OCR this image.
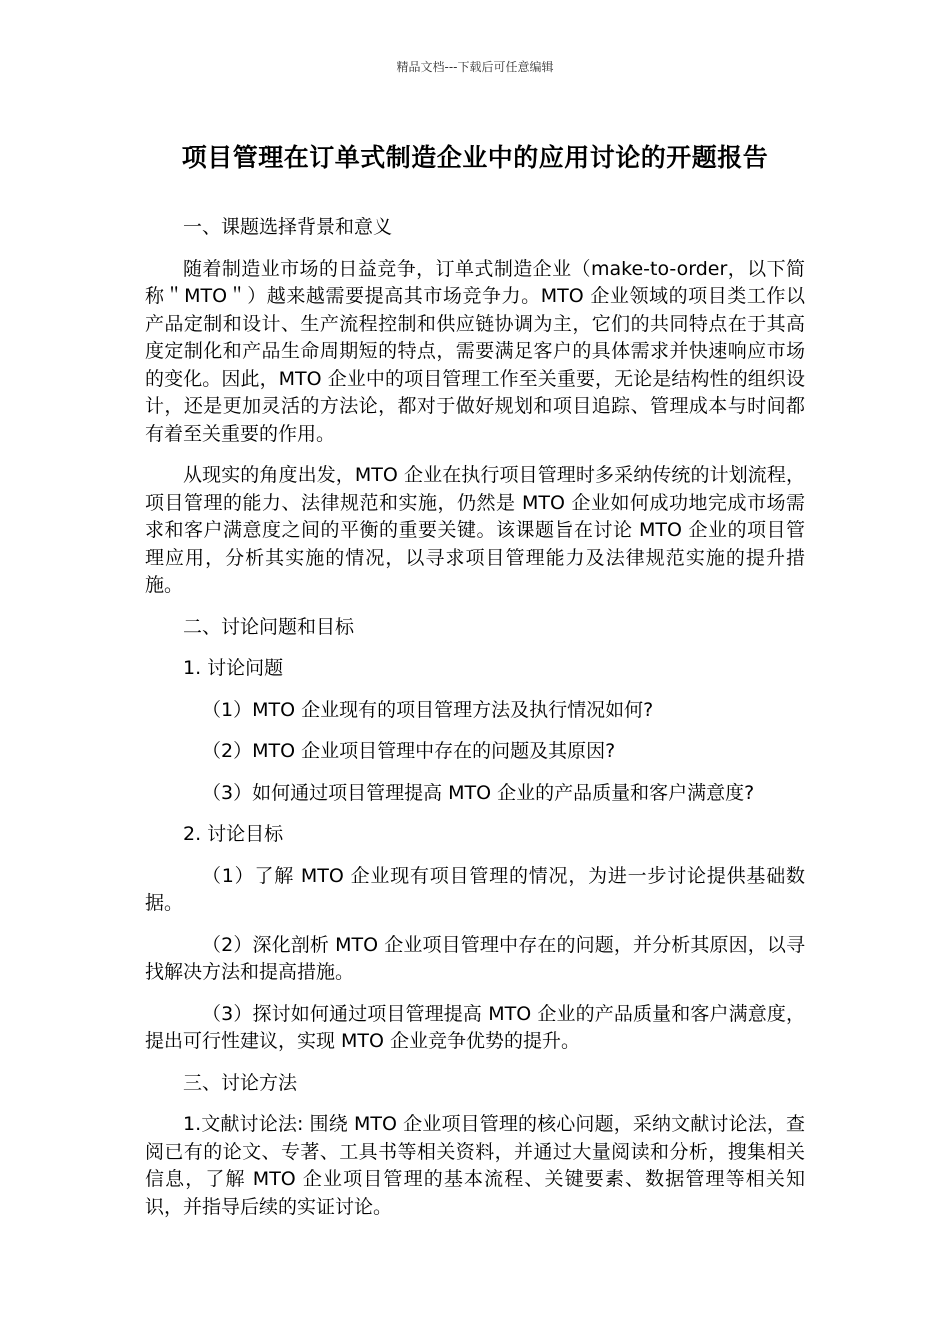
精品文档---下载后可任意编辑
项目管理在订单式制造企业中的应用讨论的开题报告

一、课题选择背景和意义

随着制造业市场的日益竞争，订单式制造企业（make-to-order，以下简称＂MTO＂）越来越需要提高其市场竞争力。MTO 企业领域的项目类工作以产品定制和设计、生产流程控制和供应链协调为主，它们的共同特点在于其高度定制化和产品生命周期短的特点，需要满足客户的具体需求并快速响应市场的变化。因此，MTO 企业中的项目管理工作至关重要，无论是结构性的组织设计，还是更加灵活的方法论，都对于做好规划和项目追踪、管理成本与时间都有着至关重要的作用。

从现实的角度出发，MTO 企业在执行项目管理时多采纳传统的计划流程，项目管理的能力、法律规范和实施，仍然是 MTO 企业如何成功地完成市场需求和客户满意度之间的平衡的重要关键。该课题旨在讨论 MTO 企业的项目管理应用，分析其实施的情况，以寻求项目管理能力及法律规范实施的提升措施。

二、讨论问题和目标

1. 讨论问题

（1）MTO 企业现有的项目管理方法及执行情况如何?

（2）MTO 企业项目管理中存在的问题及其原因?

（3）如何通过项目管理提高 MTO 企业的产品质量和客户满意度?

2. 讨论目标

（1）了解 MTO 企业现有项目管理的情况，为进一步讨论提供基础数据。

（2）深化剖析 MTO 企业项目管理中存在的问题，并分析其原因，以寻找解决方法和提高措施。

（3）探讨如何通过项目管理提高 MTO 企业的产品质量和客户满意度，提出可行性建议，实现 MTO 企业竞争优势的提升。

三、讨论方法

1.文献讨论法: 围绕 MTO 企业项目管理的核心问题，采纳文献讨论法，查阅已有的论文、专著、工具书等相关资料，并通过大量阅读和分析，搜集相关信息，了解 MTO 企业项目管理的基本流程、关键要素、数据管理等相关知识，并指导后续的实证讨论。
